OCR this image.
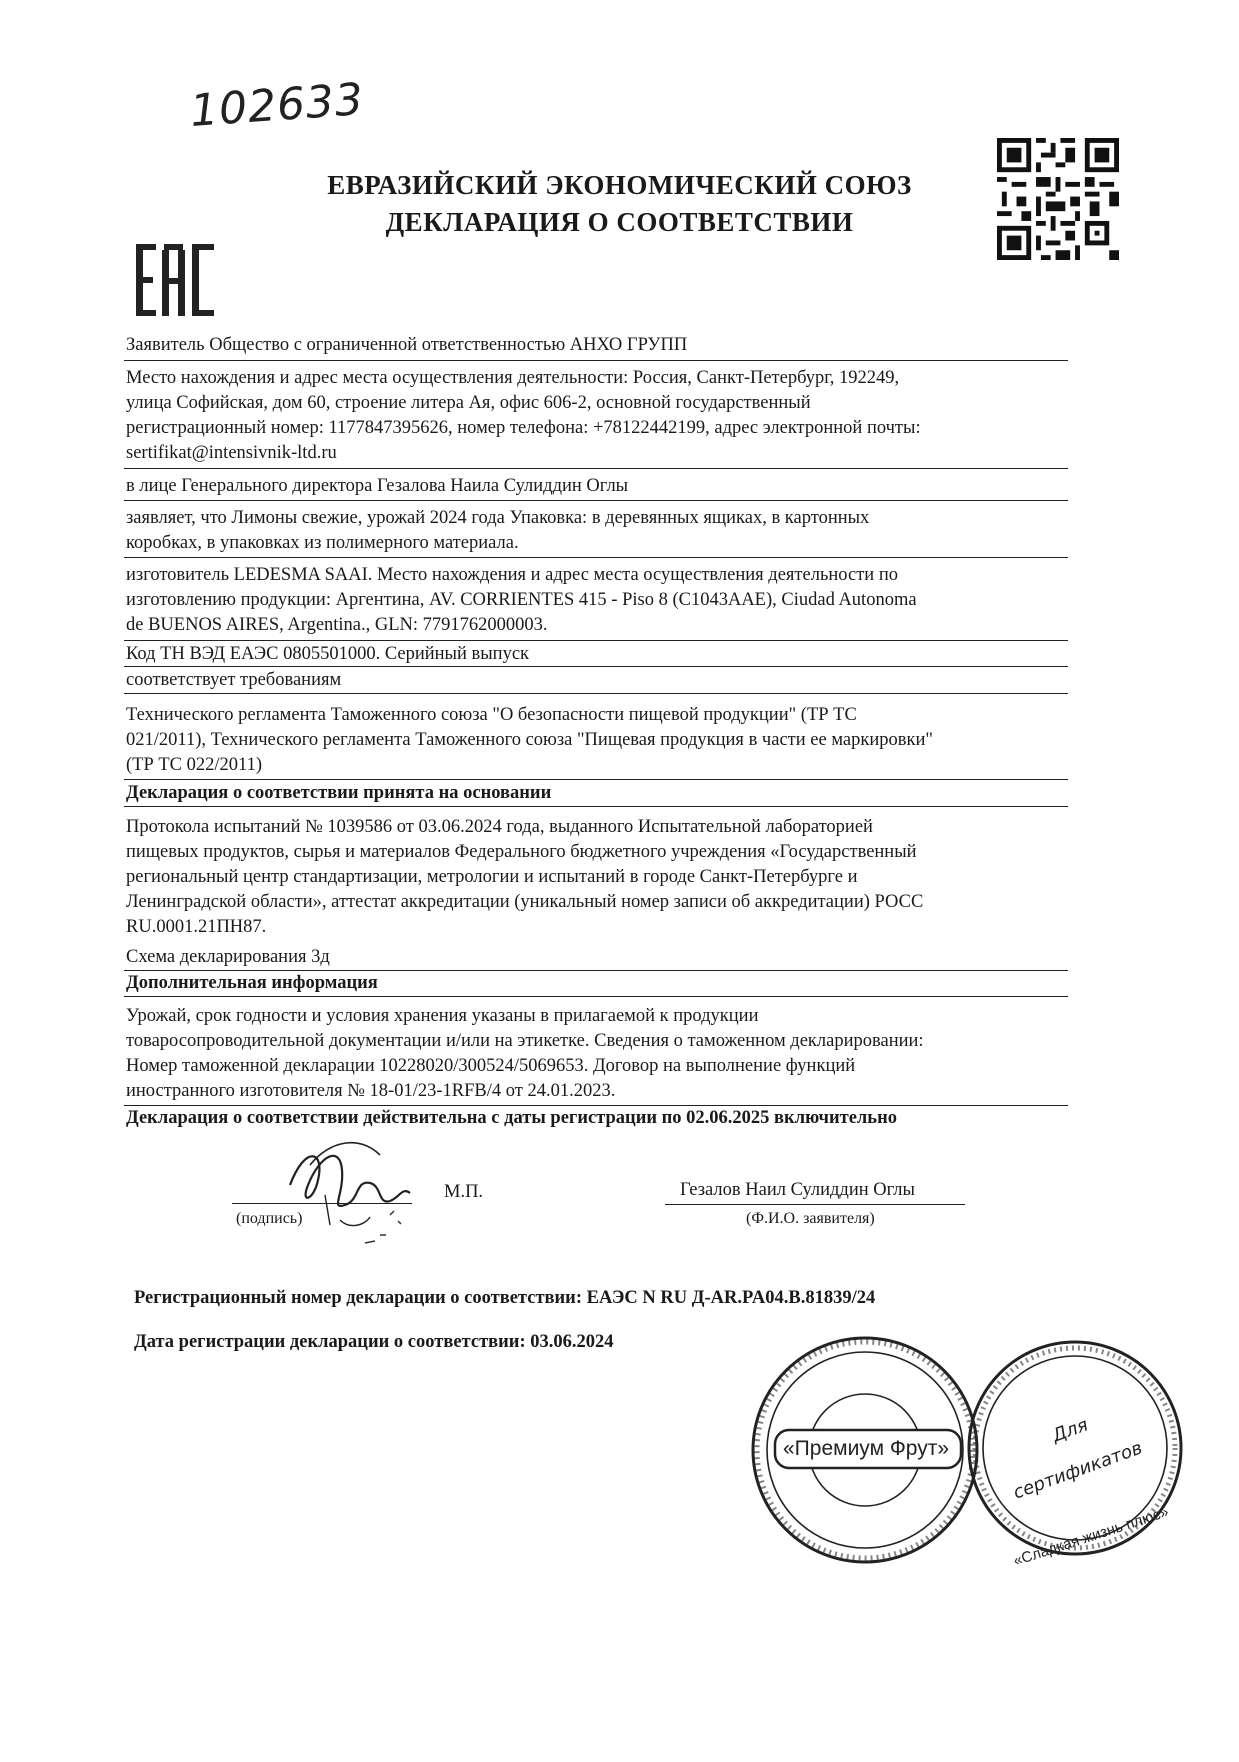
102633
ЕВРАЗИЙСКИЙ ЭКОНОМИЧЕСКИЙ СОЮЗ
ДЕКЛАРАЦИЯ О СООТВЕТСТВИИ
Заявитель Общество с ограниченной ответственностью АНХО ГРУПП
Место нахождения и адрес места осуществления деятельности: Россия, Санкт-Петербург, 192249,
улица Софийская, дом 60, строение литера Ая, офис 606-2, основной государственный
регистрационный номер: 1177847395626, номер телефона: +78122442199, адрес электронной почты:
sertifikat@intensivnik-ltd.ru
в лице Генерального директора Гезалова Наила Сулиддин Оглы
заявляет, что Лимоны свежие, урожай 2024 года Упаковка: в деревянных ящиках, в картонных
коробках, в упаковках из полимерного материала.
изготовитель LEDESMA SAAI. Место нахождения и адрес места осуществления деятельности по
изготовлению продукции: Аргентина, AV. CORRIENTES 415 - Piso 8 (C1043AAE), Ciudad Autonoma
de BUENOS AIRES, Argentina., GLN: 7791762000003.
Код ТН ВЭД ЕАЭС 0805501000. Серийный выпуск
соответствует требованиям
Технического регламента Таможенного союза "О безопасности пищевой продукции" (ТР ТС
021/2011), Технического регламента Таможенного союза "Пищевая продукция в части ее маркировки"
(ТР ТС 022/2011)
Декларация о соответствии принята на основании
Протокола испытаний № 1039586 от 03.06.2024 года, выданного Испытательной лабораторией
пищевых продуктов, сырья и материалов Федерального бюджетного учреждения «Государственный
региональный центр стандартизации, метрологии и испытаний в городе Санкт-Петербурге и
Ленинградской области», аттестат аккредитации (уникальный номер записи об аккредитации) РОСС
RU.0001.21ПН87.
Схема декларирования 3д
Дополнительная информация
Урожай, срок годности и условия хранения указаны в прилагаемой к продукции
товаросопроводительной документации и/или на этикетке. Сведения о таможенном декларировании:
Номер таможенной декларации 10228020/300524/5069653. Договор на выполнение функций
иностранного изготовителя № 18-01/23-1RFB/4 от 24.01.2023.
Декларация о соответствии действительна с даты регистрации по 02.06.2025 включительно
(подпись)
М.П.	Гезалов Наил Сулиддин Оглы
(Ф.И.О. заявителя)
Регистрационный номер декларации о соответствии: ЕАЭС N RU Д-AR.PA04.B.81839/24
Дата регистрации декларации о соответствии: 03.06.2024
«Премиум Фрут»
Для
сертификатов
«Сладкая жизнь плюс»
